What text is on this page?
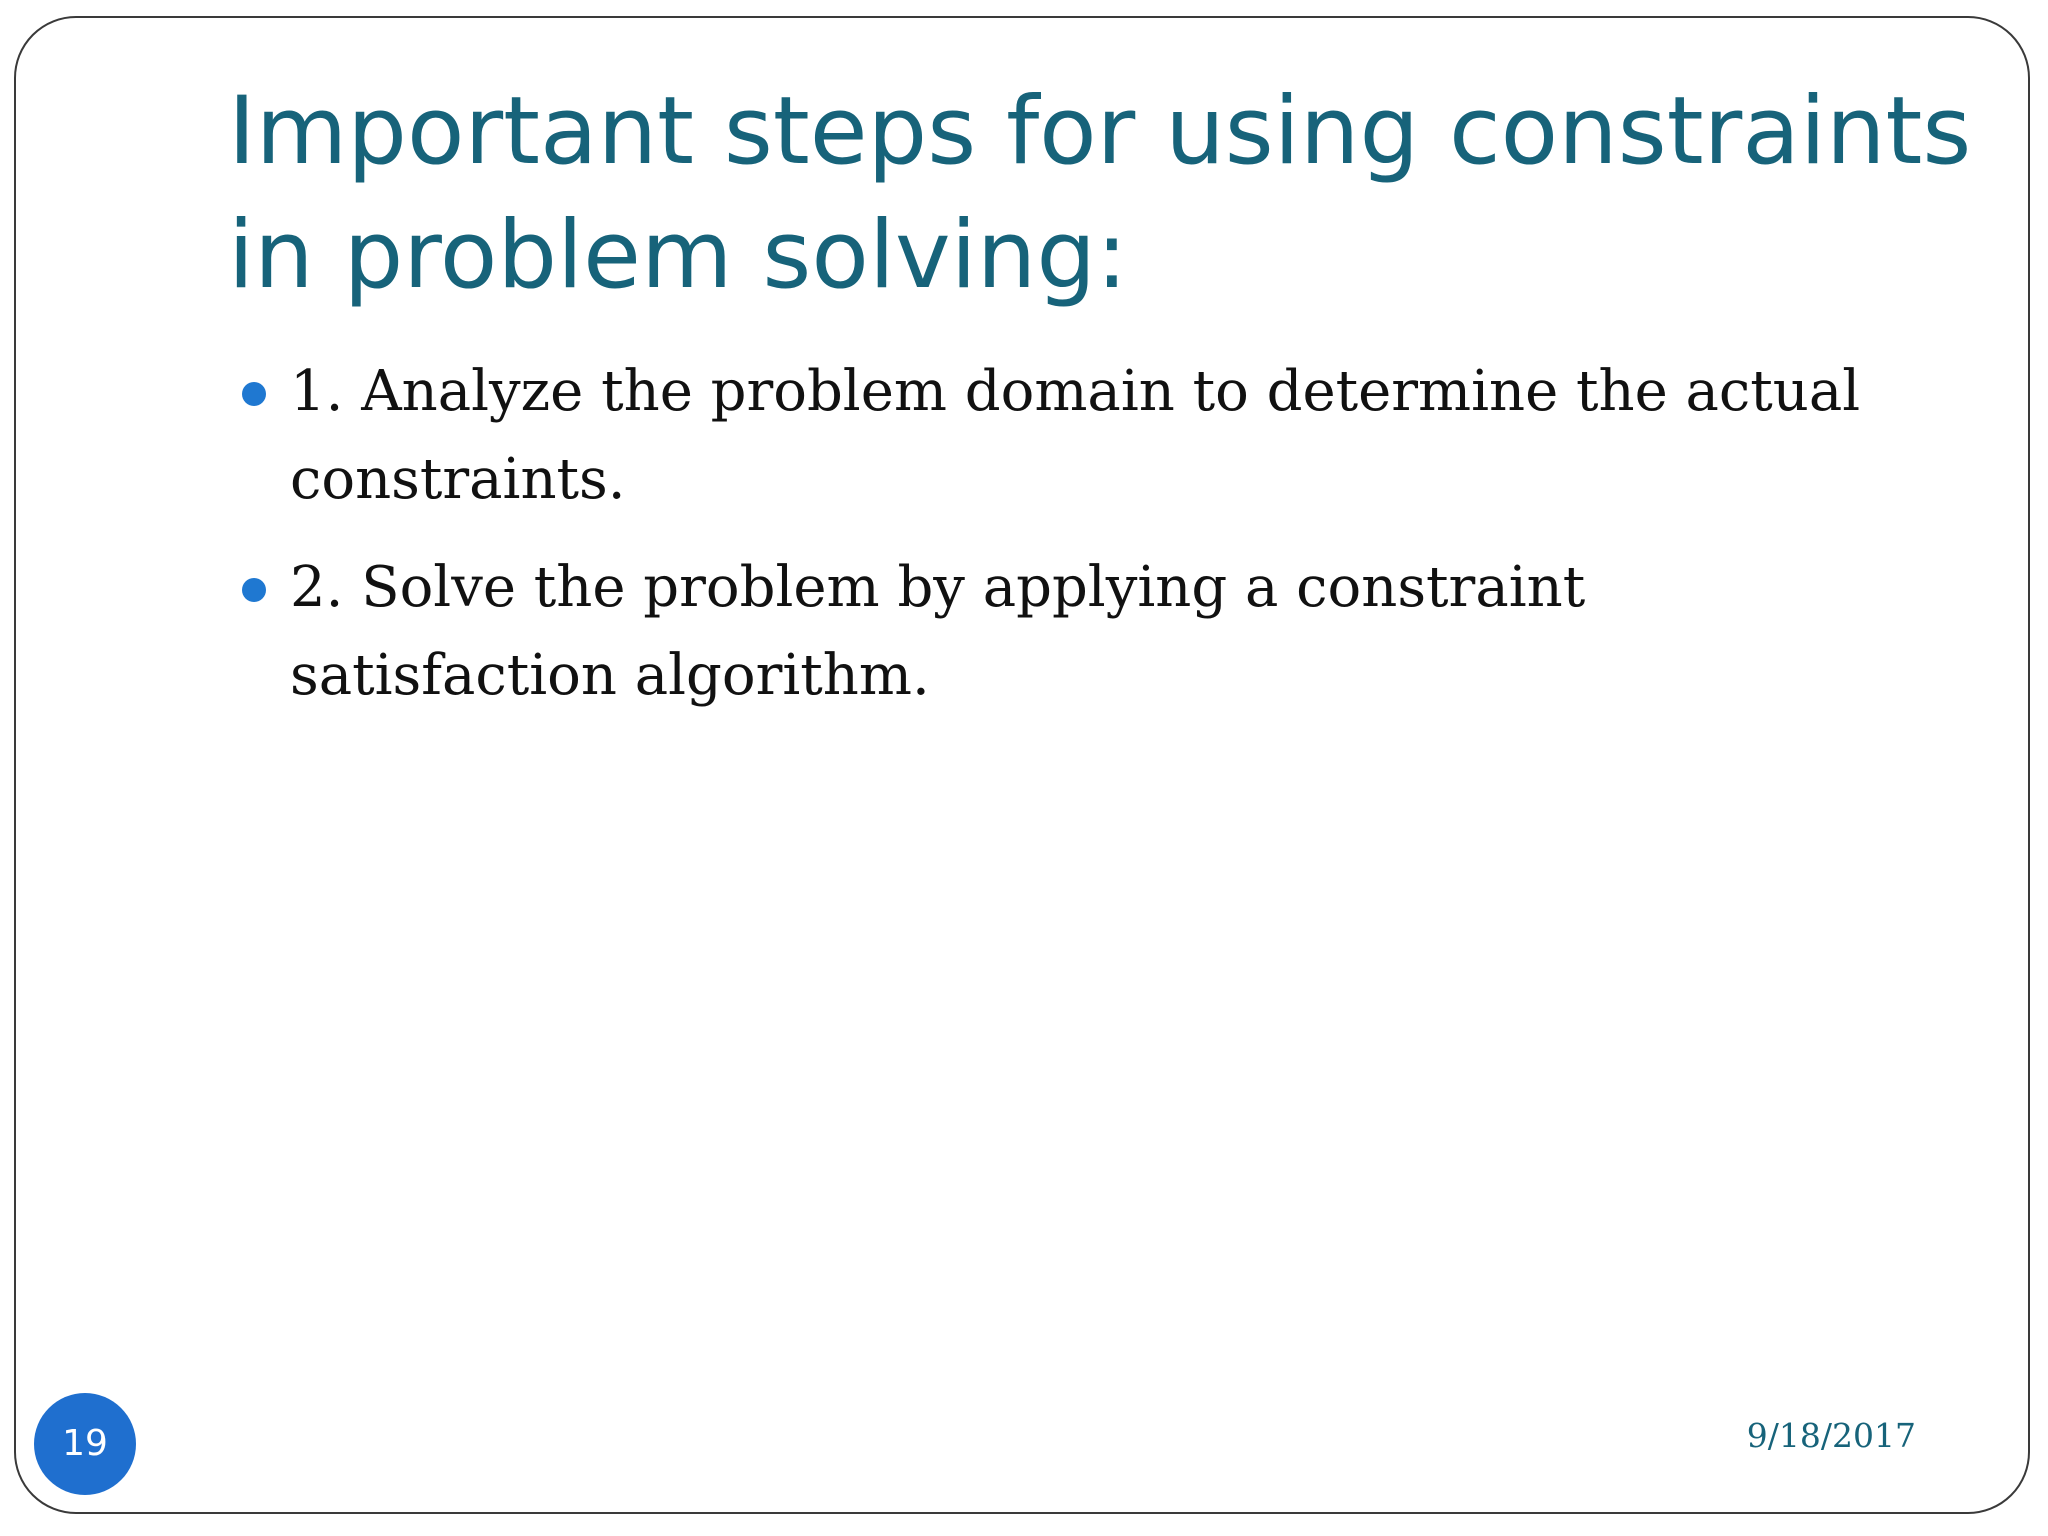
Important steps for using constraints in problem solving:
1. Analyze the problem domain to determine the actual constraints.
2. Solve the problem by applying a constraint satisfaction algorithm.
19	9/18/2017
